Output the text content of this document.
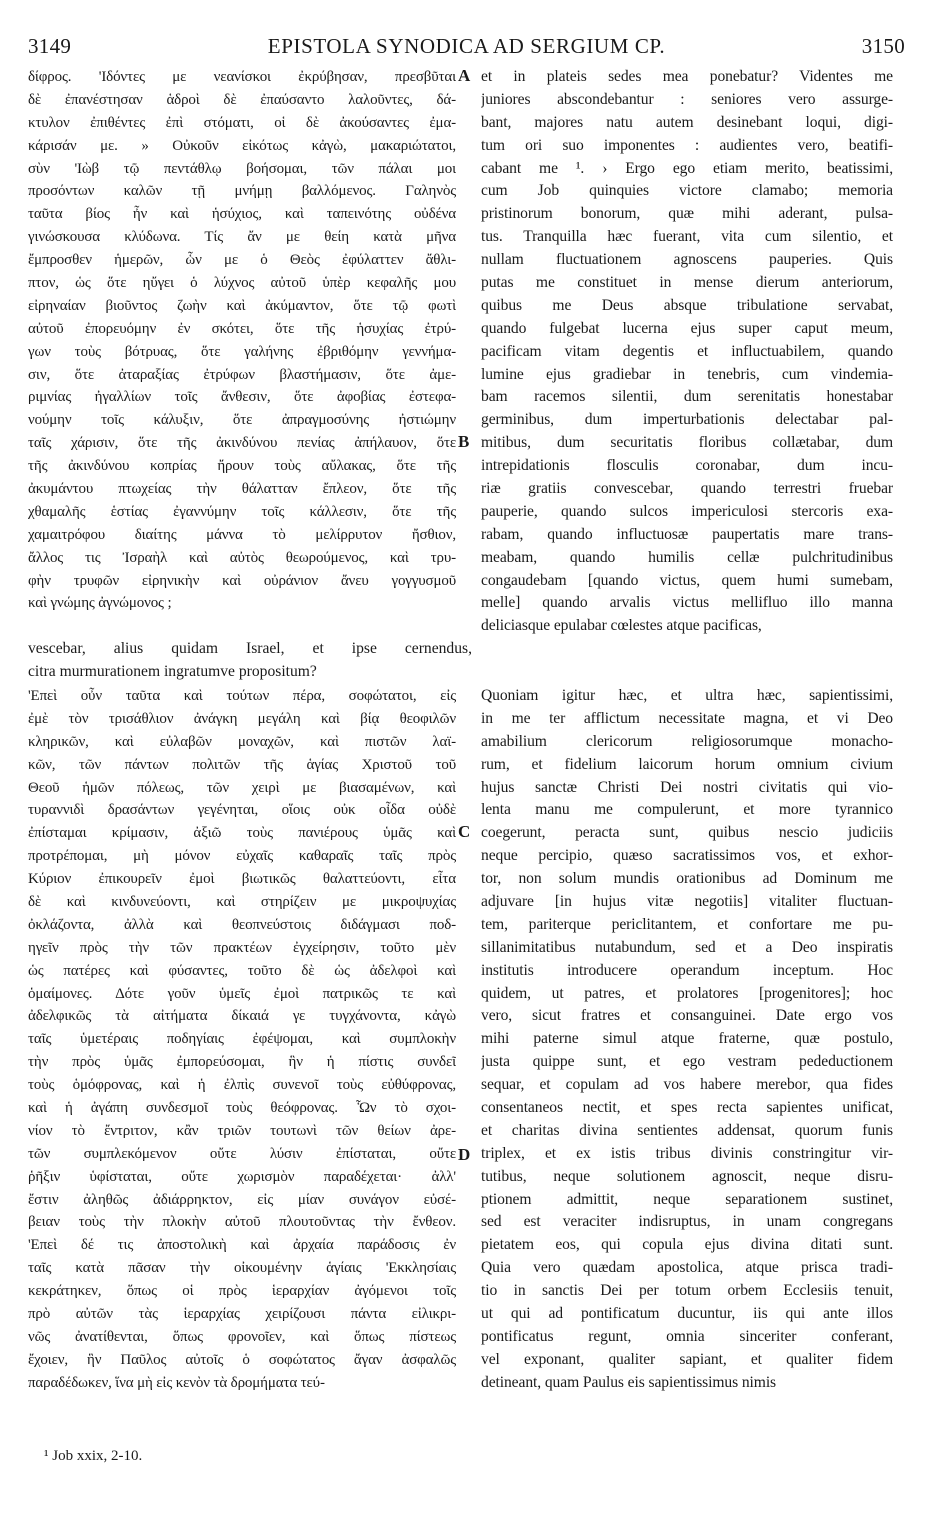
3149	EPISTOLA SYNODICA AD SERGIUM CP.	3150
δίφρος. 'Ιδόντες με νεανίσκοι ἐκρύβησαν, πρεσβῦται
δὲ ἐπανέστησαν ἁδροὶ δὲ ἐπαύσαντο λαλοῦντες, δά-
κτυλον ἐπιθέντες ἐπὶ στόματι, οἱ δὲ ἀκούσαντες ἐμα-
κάρισάν με. » Οὐκοῦν εἰκότως κἀγὼ, μακαριώτατοι,
σὺν 'Ιὼβ τῷ πεντάθλῳ βοήσομαι, τῶν πάλαι μοι
προσόντων καλῶν τῇ μνήμῃ βαλλόμενος. Γαληνὸς
ταῦτα βίος ἦν καὶ ἡσύχιος, καὶ ταπεινότης οὐδένα
γινώσκουσα κλύδωνα. Τίς ἄν με θείη κατὰ μῆνα
ἔμπροσθεν ἡμερῶν, ὧν με ὁ Θεὸς ἐφύλαττεν ἄθλι-
πτον, ὡς ὅτε ηὔγει ὁ λύχνος αὐτοῦ ὑπὲρ κεφαλῆς μου
εἰρηναίαν βιοῦντος ζωὴν καὶ ἀκύμαντον, ὅτε τῷ φωτὶ
αὐτοῦ ἐπορευόμην ἐν σκότει, ὅτε τῆς ἡσυχίας ἐτρύ-
γων τοὺς βότρυας, ὅτε γαλήνης ἐβριθόμην γεννήμα-
σιν, ὅτε ἀταραξίας ἐτρύφων βλαστήμασιν, ὅτε ἀμε-
ριμνίας ἠγαλλίων τοῖς ἄνθεσιν, ὅτε ἀφοβίας ἐστεφα-
νούμην τοῖς κάλυξιν, ὅτε ἀπραγμοσύνης ἠστιώμην
ταῖς χάρισιν, ὅτε τῆς ἀκινδύνου πενίας ἀπήλαυον, ὅτε
τῆς ἀκινδύνου κοπρίας ἤρουν τοὺς αὔλακας, ὅτε τῆς
ἀκυμάντου πτωχείας τὴν θάλατταν ἔπλεον, ὅτε τῆς
χθαμαλῆς ἑστίας ἐγαννύμην τοῖς κάλλεσιν, ὅτε τῆς
χαμαιτρόφου διαίτης μάννα τὸ μελίρρυτον ἤσθιον,
ἄλλος τις Ἰσραὴλ καὶ αὐτὸς θεωρούμενος, καὶ τρυ-
φὴν τρυφῶν εἰρηνικὴν καὶ οὐράνιον ἄνευ γογγυσμοῦ
καὶ γνώμης ἀγνώμονος ;
et in plateis sedes mea ponebatur? Videntes me
juniores abscondebantur : seniores vero assurge-
bant, majores natu autem desinebant loqui, digi-
tum ori suo imponentes : audientes vero, beatifi-
cabant me ¹. › Ergo ego etiam merito, beatissimi,
cum Job quinquies victore clamabo; memoria
pristinorum bonorum, quæ mihi aderant, pulsa-
tus. Tranquilla hæc fuerant, vita cum silentio, et
nullam fluctuationem agnoscens pauperies. Quis
putas me constituet in mense dierum anteriorum,
quibus me Deus absque tribulatione servabat,
quando fulgebat lucerna ejus super caput meum,
pacificam vitam degentis et influctuabilem, quando
lumine ejus gradiebar in tenebris, cum vindemia-
bam racemos silentii, dum serenitatis honestabar
germinibus, dum imperturbationis delectabar pal-
mitibus, dum securitatis floribus collætabar, dum
intrepidationis flosculis coronabar, dum incu-
riæ gratiis convescebar, quando terrestri fruebar
pauperie, quando sulcos impericulosi stercoris exa-
rabam, quando influctuosæ paupertatis mare trans-
meabam, quando humilis cellæ pulchritudinibus
congaudebam [quando victus, quem humi sumebam,
melle] quando arvalis victus mellifluo illo manna
deliciasque epulabar cœlestes atque pacificas,
vescebar, alius quidam Israel, et ipse cernendus,
citra murmurationem ingratumve propositum?
'Επεὶ οὖν ταῦτα καὶ τούτων πέρα, σοφώτατοι, εἰς
ἐμὲ τὸν τρισάθλιον ἀνάγκη μεγάλη καὶ βίᾳ θεοφιλῶν
κληρικῶν, καὶ εὐλαβῶν μοναχῶν, καὶ πιστῶν λαϊ-
κῶν, τῶν πάντων πολιτῶν τῆς ἁγίας Χριστοῦ τοῦ
Θεοῦ ἡμῶν πόλεως, τῶν χειρὶ με βιασαμένων, καὶ
τυραννιδὶ δρασάντων γεγένηται, οἵοις οὐκ οἶδα οὐδὲ
ἐπίσταμαι κρίμασιν, ἀξιῶ τοὺς πανιέρους ὑμᾶς καὶ
προτρέπομαι, μὴ μόνον εὐχαῖς καθαραῖς ταῖς πρὸς
Κύριον ἐπικουρεῖν ἐμοὶ βιωτικῶς θαλαττεύοντι, εἶτα
δὲ καὶ κινδυνεύοντι, καὶ στηρίζειν με μικροψυχίας
ὀκλάζοντα, ἀλλὰ καὶ θεοπνεύστοις διδάγμασι ποδ-
ηγεῖν πρὸς τὴν τῶν πρακτέων ἐγχείρησιν, τοῦτο μὲν
ὡς πατέρες καὶ φύσαντες, τοῦτο δὲ ὡς ἀδελφοὶ καὶ
ὁμαίμονες. Δότε γοῦν ὑμεῖς ἐμοὶ πατρικῶς τε καὶ
ἀδελφικῶς τὰ αἰτήματα δίκαιά γε τυγχάνοντα, κἀγὼ
ταῖς ὑμετέραις ποδηγίαις ἐφέψομαι, καὶ συμπλοκὴν
τὴν πρὸς ὑμᾶς ἐμπορεύσομαι, ἣν ἡ πίστις συνδεῖ
τοὺς ὁμόφρονας, καὶ ἡ ἐλπὶς συνενοῖ τοὺς εὐθύφρονας,
καὶ ἡ ἀγάπη συνδεσμοῖ τοὺς θεόφρονας. Ὧν τὸ σχοι-
νίον τὸ ἔντριτον, κἂν τριῶν τουτωνὶ τῶν θείων ἀρε-
τῶν συμπλεκόμενον οὔτε λύσιν ἐπίσταται, οὔτε
ῥῆξιν ὑφίσταται, οὔτε χωρισμὸν παραδέχεται· ἀλλ'
ἔστιν ἀληθῶς ἀδιάρρηκτον, εἰς μίαν συνάγον εὐσέ-
βειαν τοὺς τὴν πλοκὴν αὐτοῦ πλουτοῦντας τὴν ἔνθεον.
'Επεὶ δέ τις ἀποστολικὴ καὶ ἀρχαία παράδοσις ἐν
ταῖς κατὰ πᾶσαν τὴν οἰκουμένην ἁγίαις 'Εκκλησίαις
κεκράτηκεν, ὅπως οἱ πρὸς ἱεραρχίαν ἀγόμενοι τοῖς
πρὸ αὐτῶν τὰς ἱεραρχίας χειρίζουσι πάντα εἰλικρι-
νῶς ἀνατίθενται, ὅπως φρονοῖεν, καὶ ὅπως πίστεως
ἔχοιεν, ἣν Παῦλος αὐτοῖς ὁ σοφώτατος ἄγαν ἀσφαλῶς
παραδέδωκεν, ἵνα μὴ εἰς κενὸν τὰ δρομήματα τεύ-
Quoniam igitur hæc, et ultra hæc, sapientissimi,
in me ter afflictum necessitate magna, et vi Deo
amabilium clericorum religiosorumque monacho-
rum, et fidelium laicorum horum omnium civium
hujus sanctæ Christi Dei nostri civitatis qui vio-
lenta manu me compulerunt, et more tyrannico
coegerunt, peracta sunt, quibus nescio judiciis
neque percipio, quæso sacratissimos vos, et exhor-
tor, non solum mundis orationibus ad Dominum me
adjuvare [in hujus vitæ negotiis] vitaliter fluctuan-
tem, pariterque periclitantem, et confortare me pu-
sillanimitatibus nutabundum, sed et a Deo inspiratis
institutis introducere operandum inceptum. Hoc
quidem, ut patres, et prolatores [progenitores]; hoc
vero, sicut fratres et consanguinei. Date ergo vos
mihi paterne simul atque fraterne, quæ postulo,
justa quippe sunt, et ego vestram pedeductionem
sequar, et copulam ad vos habere merebor, qua fides
consentaneos nectit, et spes recta sapientes unificat,
et charitas divina sentientes addensat, quorum funis
triplex, et ex istis tribus divinis constringitur vir-
tutibus, neque solutionem agnoscit, neque disru-
ptionem admittit, neque separationem sustinet,
sed est veraciter indisruptus, in unam congregans
pietatem eos, qui copula ejus divina ditati sunt.
Quia vero quædam apostolica, atque prisca tradi-
tio in sanctis Dei per totum orbem Ecclesiis tenuit,
ut qui ad pontificatum ducuntur, iis qui ante illos
pontificatus regunt, omnia sinceriter conferant,
vel exponant, qualiter sapiant, et qualiter fidem
detineant, quam Paulus eis sapientissimus nimis
A
B
C
D
¹ Job xxix, 2-10.
